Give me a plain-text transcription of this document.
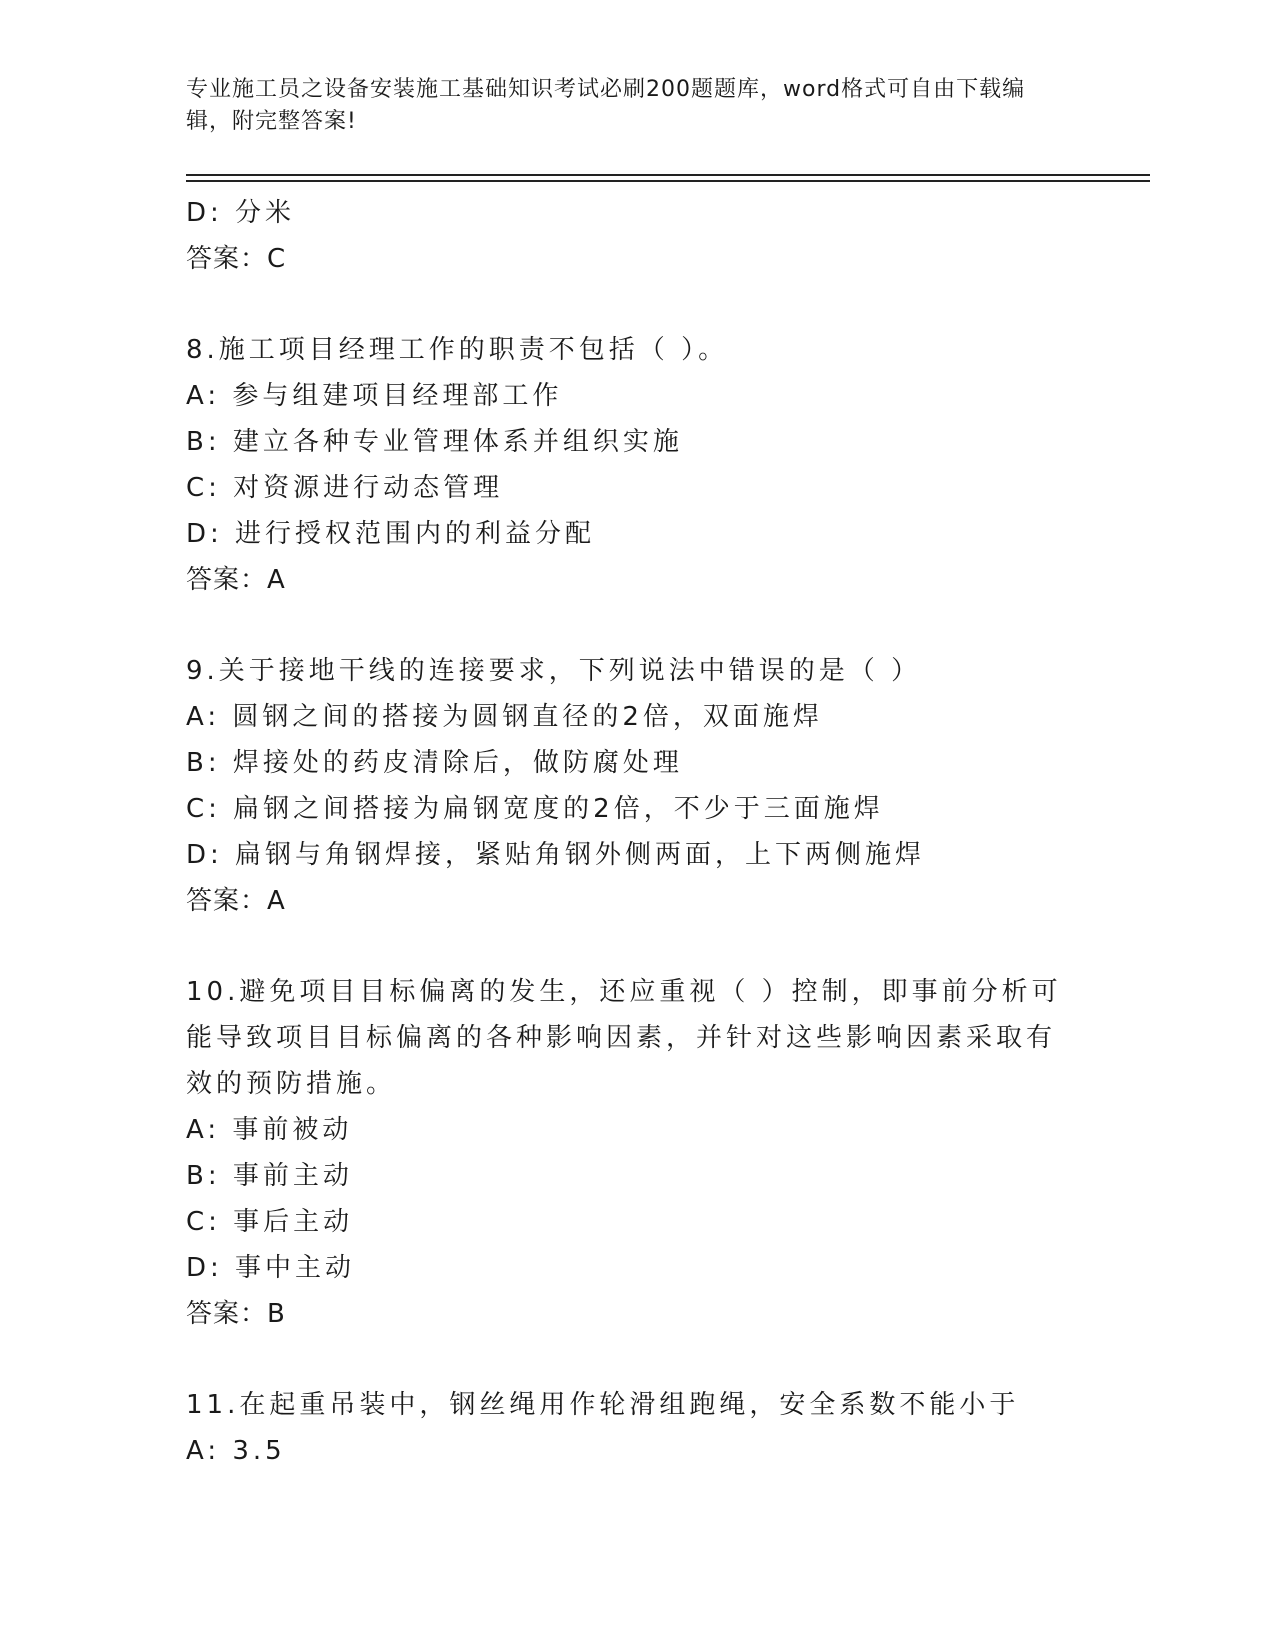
专业施工员之设备安装施工基础知识考试必刷200题题库，word格式可自由下载编辑，附完整答案!
D: 分米
答案：C
8.施工项目经理工作的职责不包括（ ）。
A: 参与组建项目经理部工作
B: 建立各种专业管理体系并组织实施
C: 对资源进行动态管理
D: 进行授权范围内的利益分配
答案：A
9.关于接地干线的连接要求，下列说法中错误的是（ ）
A: 圆钢之间的搭接为圆钢直径的2倍，双面施焊
B: 焊接处的药皮清除后，做防腐处理
C: 扁钢之间搭接为扁钢宽度的2倍，不少于三面施焊
D: 扁钢与角钢焊接，紧贴角钢外侧两面，上下两侧施焊
答案：A
10.避免项目目标偏离的发生，还应重视（ ）控制，即事前分析可能导致项目目标偏离的各种影响因素，并针对这些影响因素采取有效的预防措施。
A: 事前被动
B: 事前主动
C: 事后主动
D: 事中主动
答案：B
11.在起重吊装中，钢丝绳用作轮滑组跑绳，安全系数不能小于
A: 3.5
